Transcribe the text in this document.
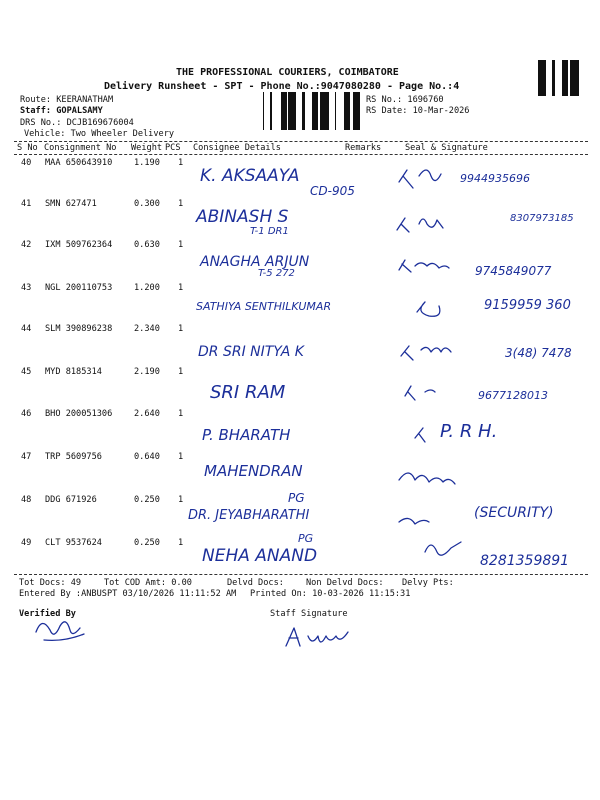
THE PROFESSIONAL COURIERS, COIMBATORE
Delivery Runsheet - SPT - Phone No.:9047080280 - Page No.:4
Route: KEERANATHAM
Staff: GOPALSAMY
DRS No.: DCJB169676004
Vehicle: Two Wheeler Delivery
RS No.: 1696760
RS Date: 10-Mar-2026
S No Consignment No Weight PCS Consignee Details	Remarks	Seal & Signature
40 MAA 650643910	1.190 1
K. AKSAAYA
CD-905
9944935696
41 SMN 627471	0.300 1
ABINASH S
T-1 DR1
8307973185
42 IXM 509762364	0.630 1
ANAGHA ARJUN
T-5 272	9745849077
43 NGL 200110753	1.200 1
SATHIYA SENTHILKUMAR	9159959 360
44 SLM 390896238	2.340 1
DR SRI NITYA K	3(48) 7478
45 MYD 8185314	2.190 1
SRI RAM	9677128013
46 BHO 200051306	2.640 1
P. BHARATH	P. R H.
47 TRP 5609756	0.640 1
MAHENDRAN
48 DDG 671926	0.250 1
DR. JEYABHARATHI
PG
(SECURITY)
49 CLT 9537624	0.250 1
NEHA ANAND
PG
8281359891
Tot Docs: 49	Tot COD Amt: 0.00	Delvd Docs:	Non Delvd Docs: Delvy Pts:
Entered By :ANBUSPT 03/10/2026 11:11:52 AM Printed On: 10-03-2026 11:15:31
Verified By	Staff Signature
